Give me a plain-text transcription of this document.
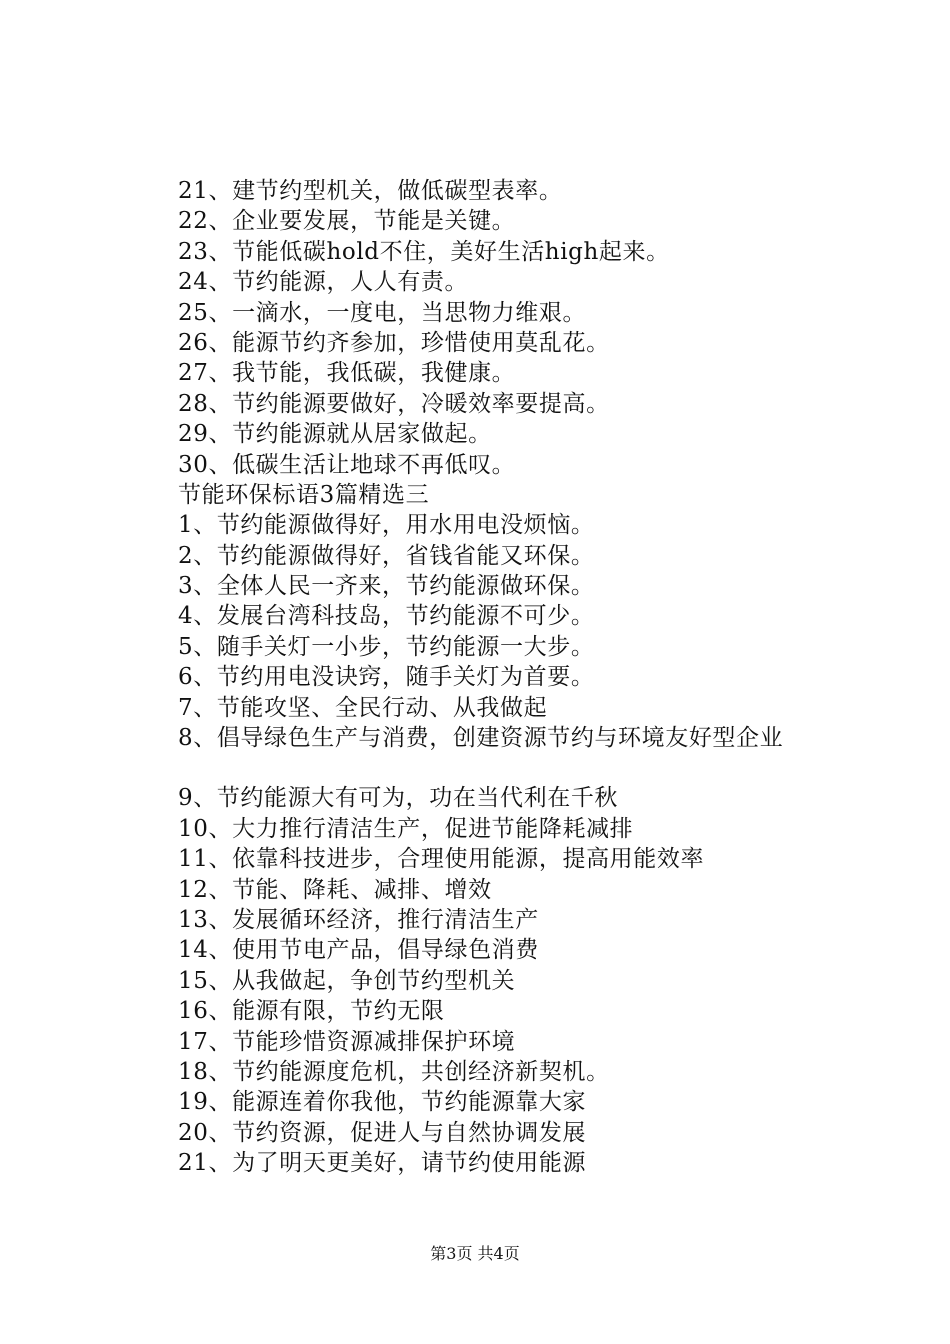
21、建节约型机关，做低碳型表率。
22、企业要发展，节能是关键。
23、节能低碳hold不住，美好生活high起来。
24、节约能源，人人有责。
25、一滴水，一度电，当思物力维艰。
26、能源节约齐参加，珍惜使用莫乱花。
27、我节能，我低碳，我健康。
28、节约能源要做好，冷暖效率要提高。
29、节约能源就从居家做起。
30、低碳生活让地球不再低叹。
节能环保标语3篇精选三
1、节约能源做得好，用水用电没烦恼。
2、节约能源做得好，省钱省能又环保。
3、全体人民一齐来，节约能源做环保。
4、发展台湾科技岛，节约能源不可少。
5、随手关灯一小步，节约能源一大步。
6、节约用电没诀窍，随手关灯为首要。
7、节能攻坚、全民行动、从我做起
8、倡导绿色生产与消费，创建资源节约与环境友好型企业
9、节约能源大有可为，功在当代利在千秋
10、大力推行清洁生产，促进节能降耗减排
11、依靠科技进步，合理使用能源，提高用能效率
12、节能、降耗、减排、增效
13、发展循环经济，推行清洁生产
14、使用节电产品，倡导绿色消费
15、从我做起，争创节约型机关
16、能源有限，节约无限
17、节能珍惜资源减排保护环境
18、节约能源度危机，共创经济新契机。
19、能源连着你我他，节约能源靠大家
20、节约资源，促进人与自然协调发展
21、为了明天更美好，请节约使用能源
第3页 共4页
